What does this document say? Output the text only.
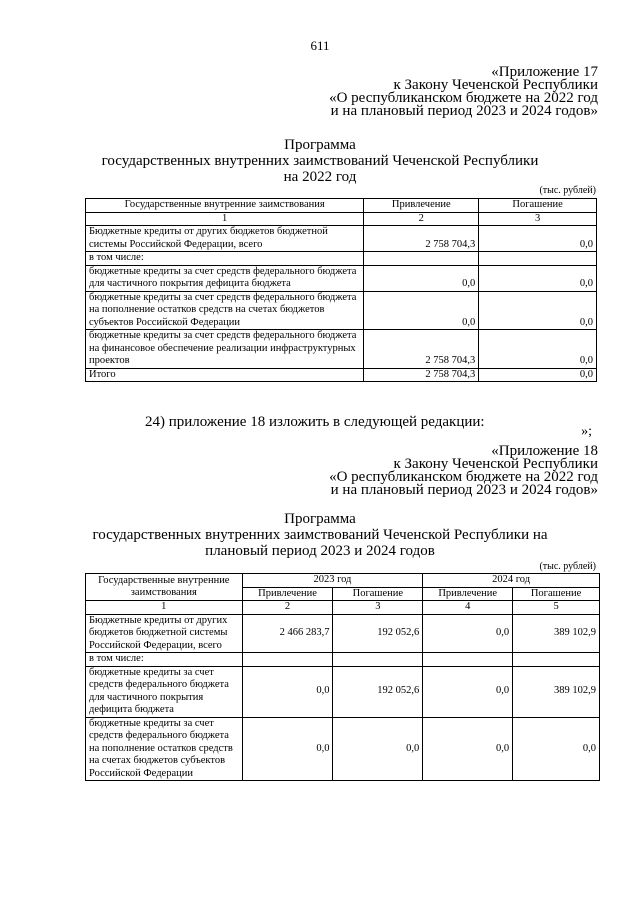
611
«Приложение 17
к Закону Чеченской Республики
«О республиканском бюджете на 2022 год
и на плановый период 2023 и 2024 годов»
Программа
государственных внутренних заимствований Чеченской Республики
на 2022 год
(тыс. рублей)
Государственные внутренние заимствования	Привлечение	Погашение
1	2	3
Бюджетные кредиты от других бюджетов бюджетной системы Российской Федерации, всего	2 758 704,3	0,0
в том числе:		
бюджетные кредиты за счет средств федерального бюджета для частичного покрытия дефицита бюджета	0,0	0,0
бюджетные кредиты за счет средств федерального бюджета на пополнение остатков средств на счетах бюджетов субъектов Российской Федерации	0,0	0,0
бюджетные кредиты за счет средств федерального бюджета на финансовое обеспечение реализации инфраструктурных проектов	2 758 704,3	0,0
Итого	2 758 704,3	0,0
»;
24) приложение 18 изложить в следующей редакции:
«Приложение 18
к Закону Чеченской Республики
«О республиканском бюджете на 2022 год
и на плановый период 2023 и 2024 годов»
Программа
государственных внутренних заимствований Чеченской Республики на
плановый период 2023 и 2024 годов
(тыс. рублей)
Государственные внутренние заимствования	2023 год		2024 год	
	Привлечение	Погашение	Привлечение	Погашение
1	2	3	4	5
Бюджетные кредиты от других бюджетов бюджетной системы Российской Федерации, всего	2 466 283,7	192 052,6	0,0	389 102,9
в том числе:				
бюджетные кредиты за счет средств федерального бюджета для частичного покрытия дефицита бюджета	0,0	192 052,6	0,0	389 102,9
бюджетные кредиты за счет средств федерального бюджета на пополнение остатков средств на счетах бюджетов субъектов Российской Федерации	0,0	0,0	0,0	0,0
